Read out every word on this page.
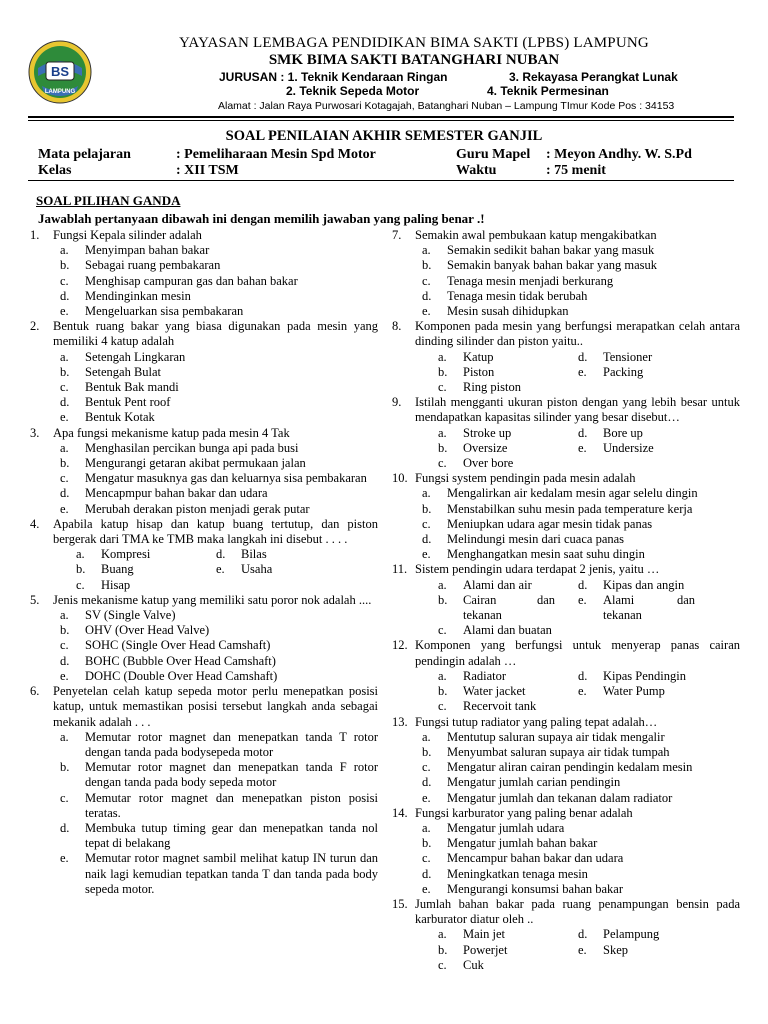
BS
LAMPUNG
YAYASAN LEMBAGA PENDIDIKAN BIMA SAKTI (LPBS) LAMPUNG
SMK BIMA SAKTI BATANGHARI NUBAN
JURUSAN : 1. Teknik Kendaraan Ringan	3. Rekayasa Perangkat Lunak
2. Teknik Sepeda Motor	4. Teknik Permesinan
Alamat : Jalan Raya Purwosari Kotagajah, Batanghari Nuban – Lampung TImur Kode Pos : 34153
SOAL PENILAIAN AKHIR SEMESTER GANJIL
Mata pelajaran	: Pemeliharaan Mesin Spd Motor	Guru Mapel : Meyon Andhy. W. S.Pd
Kelas	: XII TSM	Waktu	: 75 menit
SOAL PILIHAN GANDA
Jawablah pertanyaan dibawah ini dengan memilih jawaban yang paling benar .!
1. Fungsi Kepala silinder adalah
a. Menyimpan bahan bakar
b. Sebagai ruang pembakaran
c. Menghisap campuran gas dan bahan bakar
d. Mendinginkan mesin
e. Mengeluarkan sisa pembakaran
2. Bentuk ruang bakar yang biasa digunakan pada mesin yang memiliki 4 katup adalah
a. Setengah Lingkaran
b. Setengah Bulat
c. Bentuk Bak mandi
d. Bentuk Pent roof
e. Bentuk Kotak
3. Apa fungsi mekanisme katup pada mesin 4 Tak
a. Menghasilan percikan bunga api pada busi
b. Mengurangi getaran akibat permukaan jalan
c. Mengatur masuknya gas dan keluarnya sisa pembakaran
d. Mencapmpur bahan bakar dan udara
e. Merubah derakan piston menjadi gerak putar
4. Apabila katup hisap dan katup buang tertutup, dan piston bergerak dari TMA ke TMB maka langkah ini disebut . . . .
a. Kompresi	d. Bilas
b. Buang	e. Usaha
c. Hisap
5. Jenis mekanisme katup yang memiliki satu poror nok adalah ....
a. SV (Single Valve)
b. OHV (Over Head Valve)
c. SOHC (Single Over Head Camshaft)
d. BOHC (Bubble Over Head Camshaft)
e. DOHC (Double Over Head Camshaft)
6. Penyetelan celah katup sepeda motor perlu menepatkan posisi katup, untuk memastikan posisi tersebut langkah anda sebagai mekanik adalah . . .
a. Memutar rotor magnet dan menepatkan tanda T rotor dengan tanda pada bodysepeda motor
b. Memutar rotor magnet dan menepatkan tanda F rotor dengan tanda pada body sepeda motor
c. Memutar rotor magnet dan menepatkan piston posisi teratas.
d. Membuka tutup timing gear dan menepatkan tanda nol tepat di belakang
e. Memutar rotor magnet sambil melihat katup IN turun dan naik lagi kemudian tepatkan tanda T dan tanda pada body sepeda motor.
7. Semakin awal pembukaan katup mengakibatkan
a. Semakin sedikit bahan bakar yang masuk
b. Semakin banyak bahan bakar yang masuk
c. Tenaga mesin menjadi berkurang
d. Tenaga mesin tidak berubah
e. Mesin susah dihidupkan
8. Komponen pada mesin yang berfungsi merapatkan celah antara dinding silinder dan piston yaitu..
a. Katup	d. Tensioner
b. Piston	e. Packing
c. Ring piston
9. Istilah mengganti ukuran piston dengan yang lebih besar untuk mendapatkan kapasitas silinder yang besar disebut…
a. Stroke up	d. Bore up
b. Oversize	e. Undersize
c. Over bore
10. Fungsi system pendingin pada mesin adalah
a. Mengalirkan air kedalam mesin agar selelu dingin
b. Menstabilkan suhu mesin pada temperature kerja
c. Meniupkan udara agar mesin tidak panas
d. Melindungi mesin dari cuaca panas
e. Menghangatkan mesin saat suhu dingin
11. Sistem pendingin udara terdapat 2 jenis, yaitu …
a. Alami dan air	d. Kipas dan angin
b. Cairan dan tekanan
e. Alami dan tekanan
c. Alami dan buatan
12. Komponen yang berfungsi untuk menyerap panas cairan pendingin adalah …
a. Radiator	d. Kipas Pendingin
b. Water jacket	e. Water Pump
c. Recervoit tank
13. Fungsi tutup radiator yang paling tepat adalah…
a. Mentutup saluran supaya air tidak mengalir
b. Menyumbat saluran supaya air tidak tumpah
c. Mengatur aliran cairan pendingin kedalam mesin
d. Mengatur jumlah carian pendingin
e. Mengatur jumlah dan tekanan dalam radiator
14. Fungsi karburator yang paling benar adalah
a. Mengatur jumlah udara
b. Mengatur jumlah bahan bakar
c. Mencampur bahan bakar dan udara
d. Meningkatkan tenaga mesin
e. Mengurangi konsumsi bahan bakar
15. Jumlah bahan bakar pada ruang penampungan bensin pada karburator diatur oleh ..
a. Main jet	d. Pelampung
b. Powerjet	e. Skep
c. Cuk
